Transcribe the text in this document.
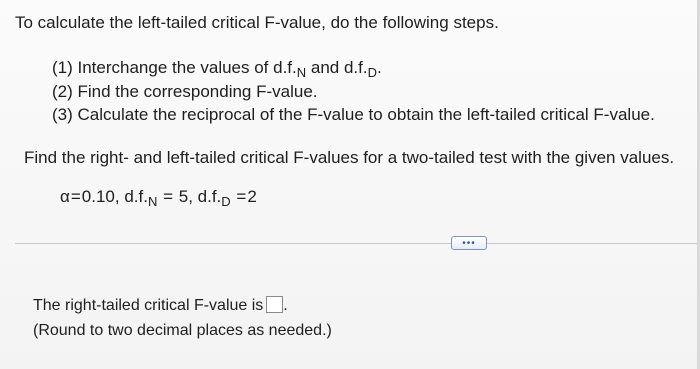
To calculate the left-tailed critical F-value, do the following steps.
(1) Interchange the values of $d.f._N$ and $d.f._D$.
(2) Find the corresponding F-value.
(3) Calculate the reciprocal of the F-value to obtain the left-tailed critical F-value.
Find the right- and left-tailed critical F-values for a two-tailed test with the given values.
α=0.10, $d.f._N = 5$, $d.f._D =2$
•••
The right-tailed critical F-value is .
(Round to two decimal places as needed.)
